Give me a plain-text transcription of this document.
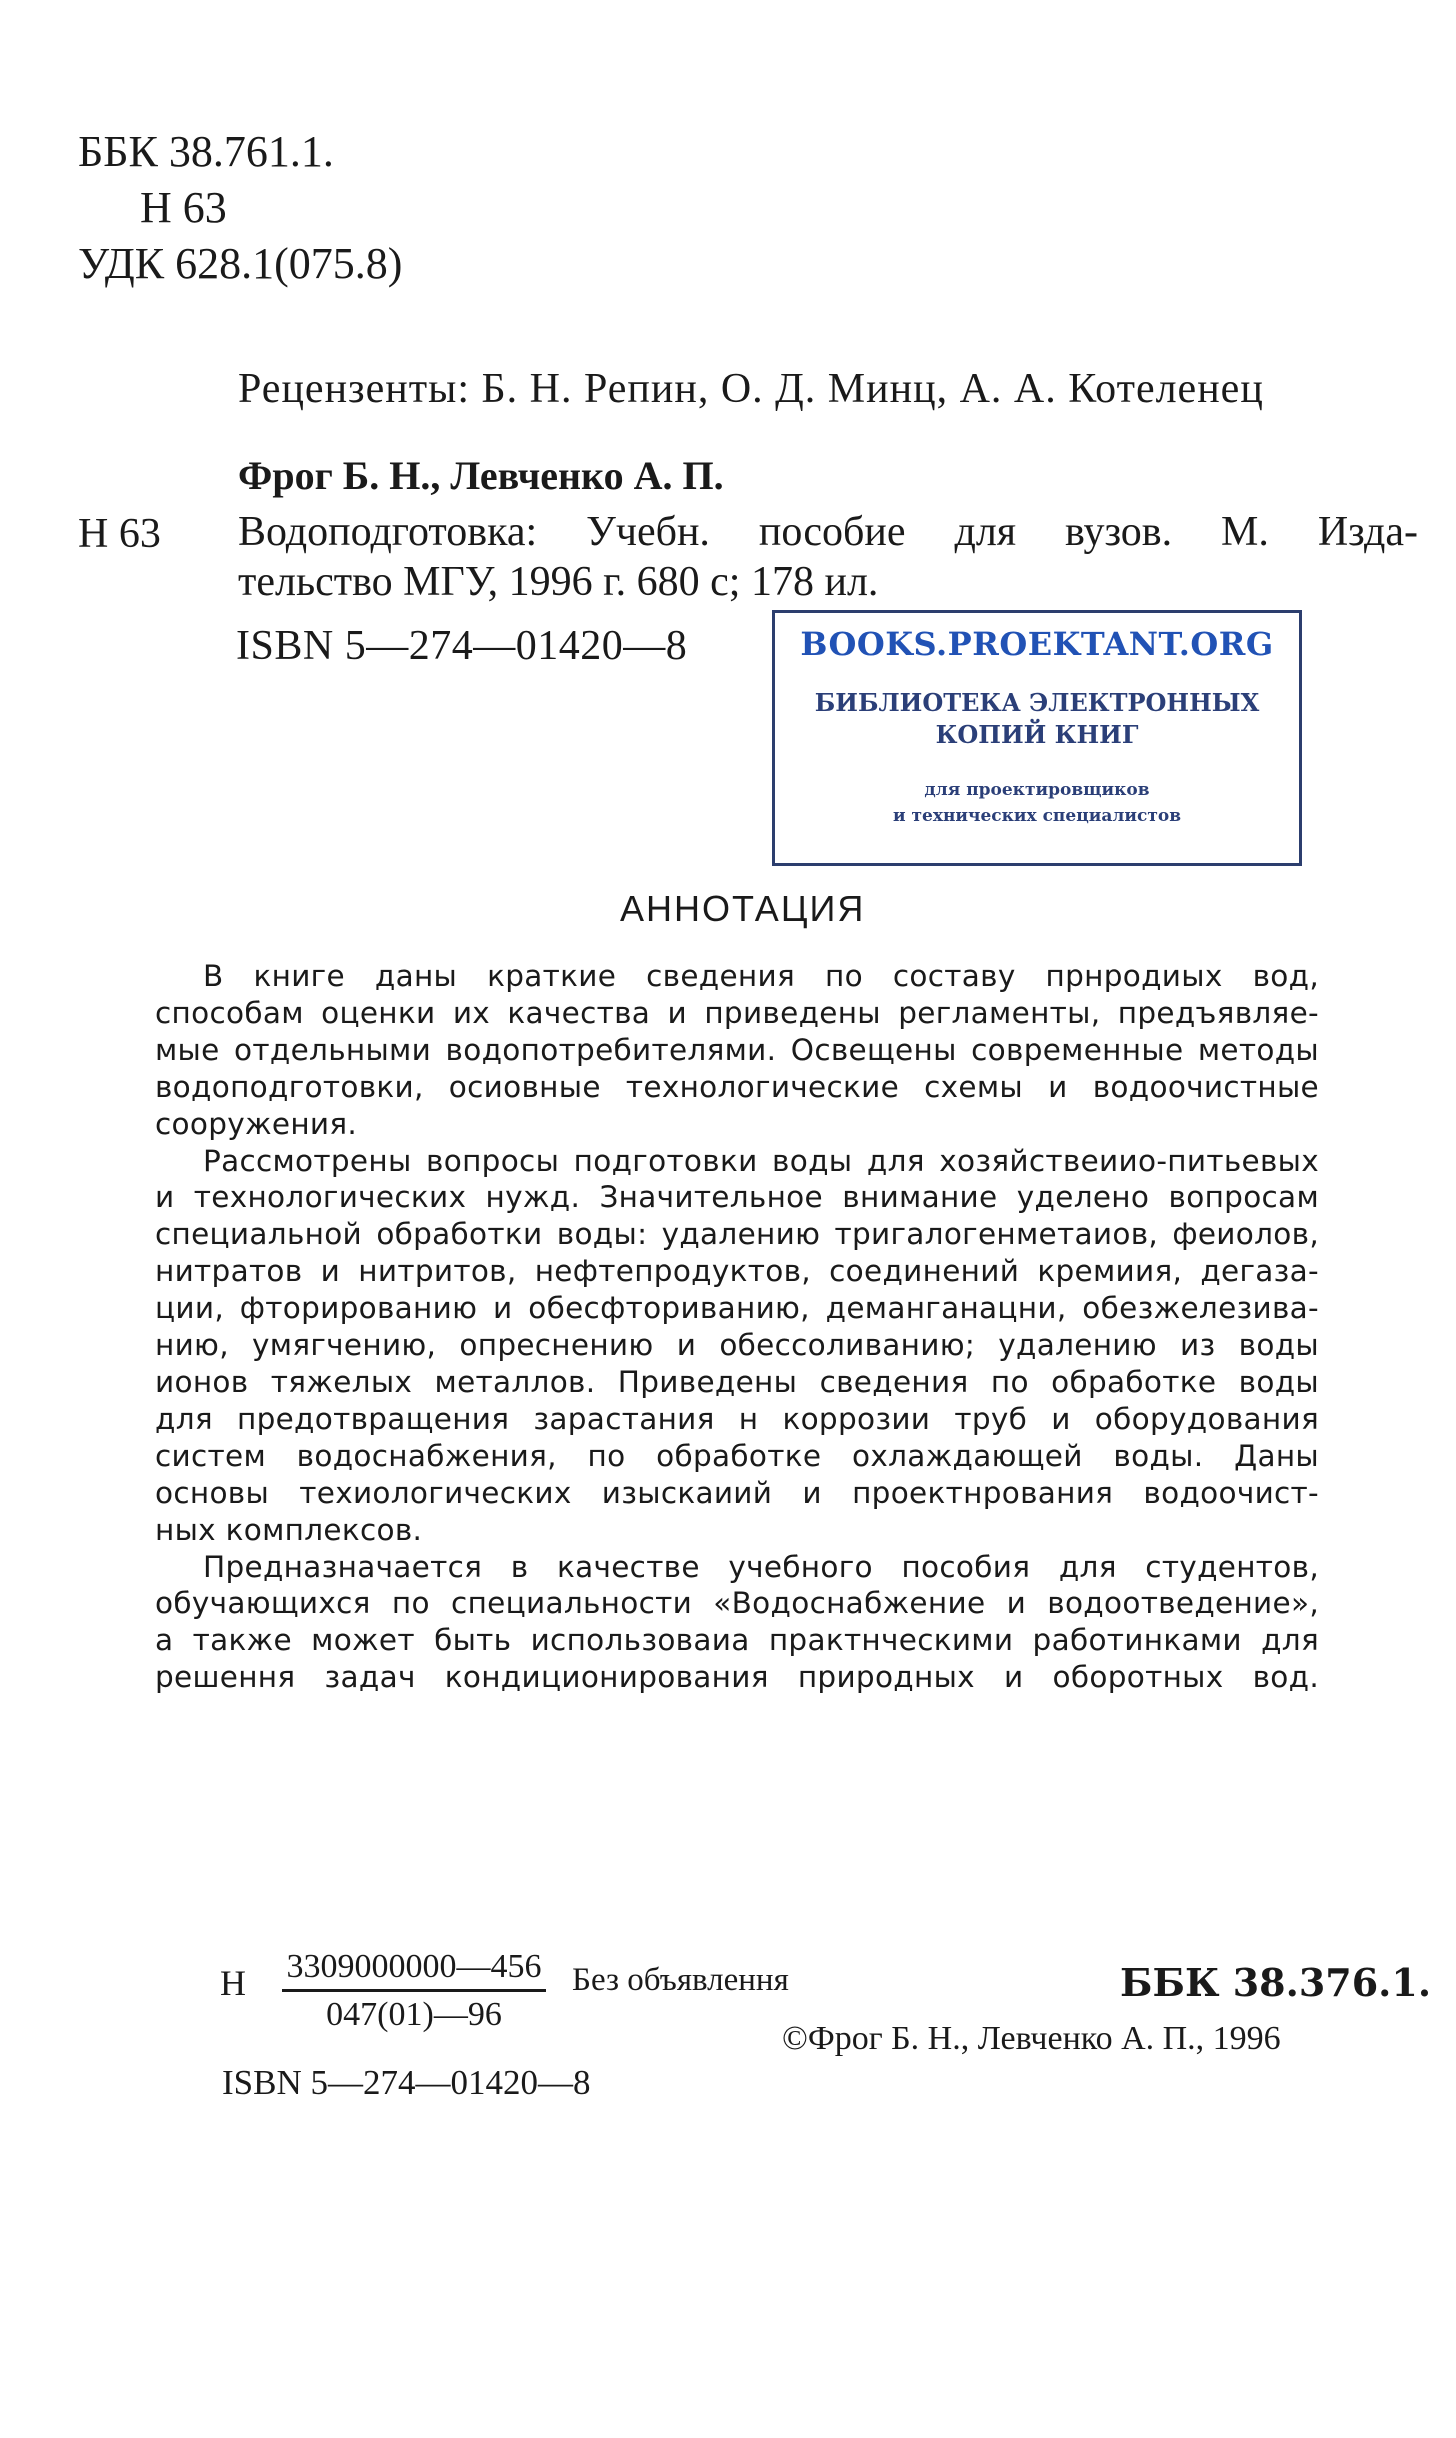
ББК 38.761.1.
Н 63
УДК 628.1(075.8)
Рецензенты: Б. Н. Репин, О. Д. Минц, А. А. Котеленец
Фрог Б. Н., Левченко А. П.
Н 63 Водоподготовка: Учебн. пособие для вузов. М. Изда-
тельство МГУ, 1996 г. 680 с; 178 ил.
ISBN 5—274—01420—8	BOOKS.PROEKTANT.ORG
БИБЛИОТЕКА ЭЛЕКТРОННЫХ
КОПИЙ КНИГ
для проектировщиков
и технических специалистов
АННОТАЦИЯ
В книге даны краткие сведения по составу прнродиых вод,
способам оценки их качества и приведены регламенты, предъявляе-
мые отдельными водопотребителями. Освещены современные методы
водоподготовки, осиовные технологические схемы и водоочистные
сооружения.
Рассмотрены вопросы подготовки воды для хозяйствеиио-питьевых
и технологических нужд. Значительное внимание уделено вопросам
специальной обработки воды: удалению тригалогенметаиов, феиолов,
нитратов и нитритов, нефтепродуктов, соединений кремиия, дегаза-
ции, фторированию и обесфториванию, деманганацни, обезжелезива-
нию, умягчению, опреснению и обессоливанию; удалению из воды
ионов тяжелых металлов. Приведены сведения по обработке воды
для предотвращения зарастания н коррозии труб и оборудования
систем водоснабжения, по обработке охлаждающей воды. Даны
основы техиологических изыскаиий и проектнрования водоочист-
ных комплексов.
Предназначается в качестве учебного пособия для студентов,
обучающихся по специальности «Водоснабжение и водоотведение»,
а также может быть использоваиа практнческими работинками для
решення задач кондиционирования природных и оборотных вод.
Н 3309000000—456
047(01)—96
Без объявлення	ББК 38.376.1.
©Фрог Б. Н., Левченко А. П., 1996
ISBN 5—274—01420—8
